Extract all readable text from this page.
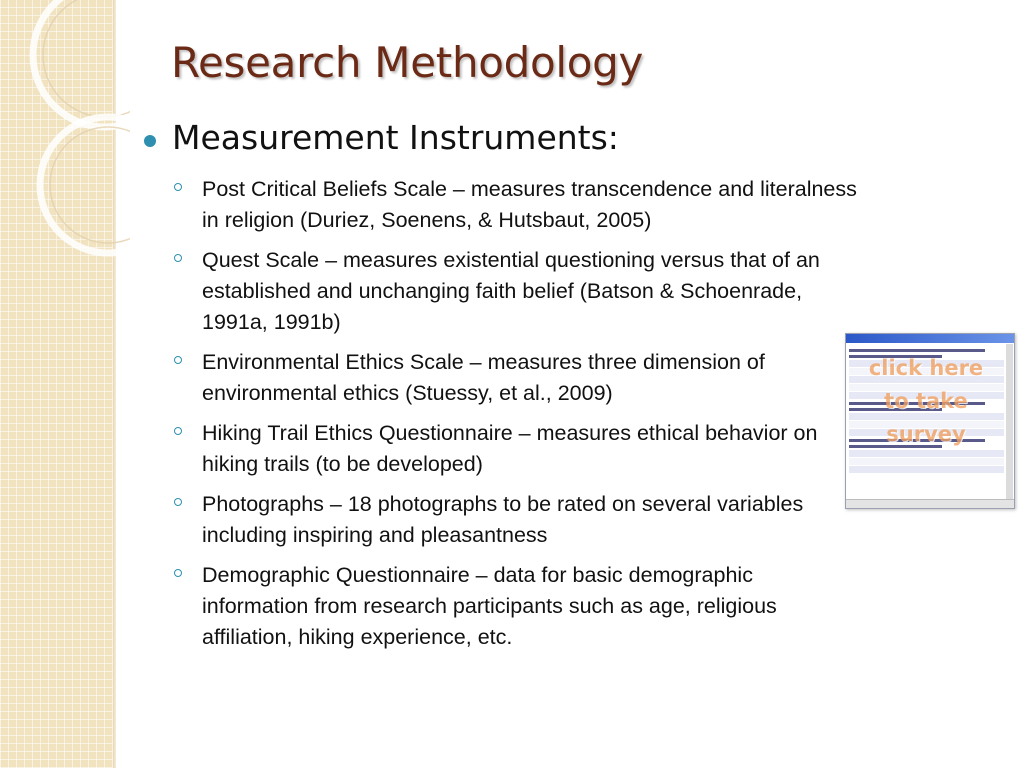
Research Methodology
Measurement Instruments:
Post Critical Beliefs Scale – measures transcendence and literalness in religion (Duriez, Soenens, & Hutsbaut, 2005)
Quest Scale – measures existential questioning versus that of an established and unchanging faith belief (Batson & Schoenrade, 1991a, 1991b)
Environmental Ethics Scale – measures three dimension of environmental ethics (Stuessy, et al., 2009)
Hiking Trail Ethics Questionnaire – measures ethical behavior on hiking trails (to be developed)
Photographs – 18 photographs to be rated on several variables including inspiring and pleasantness
Demographic Questionnaire – data for basic demographic information from research participants such as age, religious affiliation, hiking experience, etc.
click here
to take
survey
